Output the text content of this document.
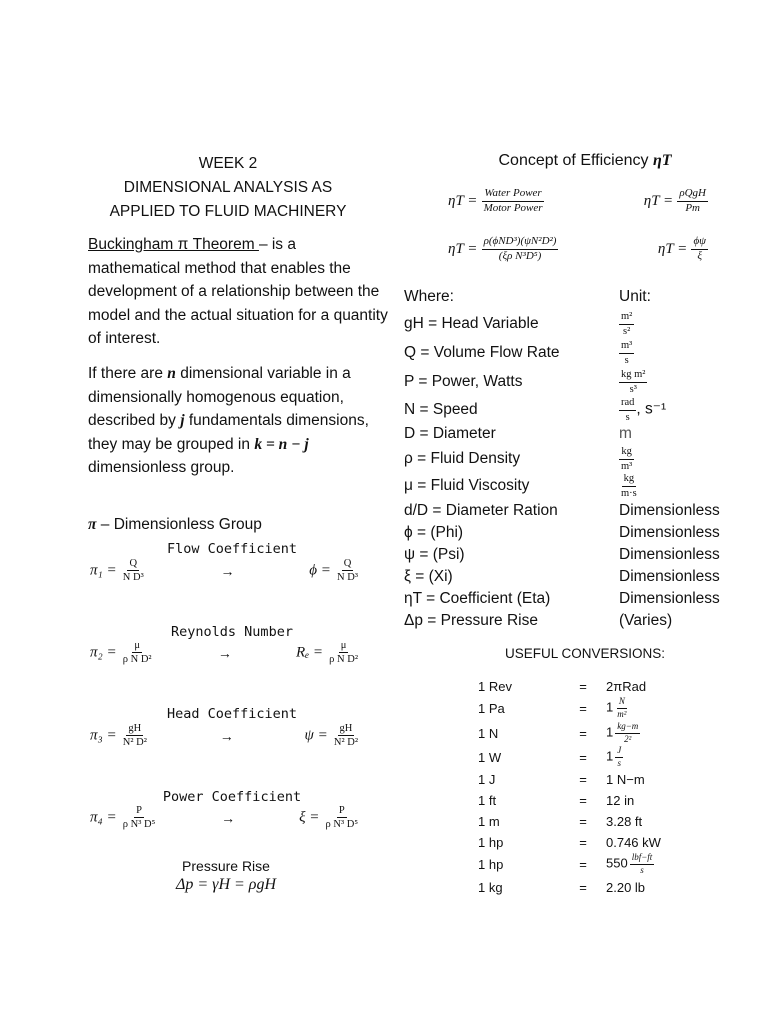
WEEK 2
DIMENSIONAL ANALYSIS AS
APPLIED TO FLUID MACHINERY
Buckingham π Theorem – is a mathematical method that enables the development of a relationship between the model and the actual situation for a quantity of interest.
If there are n dimensional variable in a dimensionally homogenous equation, described by j fundamentals dimensions, they may be grouped in k = n − j dimensionless group.
π – Dimensionless Group
Flow Coefficient
$\pi_1 = \frac{Q}{\text{N D³}}$	→	$\phi = \frac{Q}{\text{N D³}}$
Reynolds Number
$\pi_2 = \frac{\mu}{\text{ρ N D²}}$	→	$R_e = \frac{\mu}{\text{ρ N D²}}$
Head Coefficient
$\pi_3 = \frac{gH}{\text{N² D²}}$	→	$\psi = \frac{gH}{\text{N² D²}}$
Power Coefficient
$\pi_4 = \frac{P}{\text{ρ N³ D⁵}}$	→	$\xi = \frac{P}{\text{ρ N³ D⁵}}$
Pressure Rise
Δp = γH = ρgH
Concept of Efficiency ηT
$\eta T = \frac{\text{Water Power}}{\text{Motor Power}}$	$\eta T = \frac{\text{ρQgH}}{Pm}$
$\eta T = \frac{\text{ρ(ϕND³)(ψN²D²)}}{\text{(ξρ N³D⁵)}}$	$\eta T = \frac{\phi\psi}{\xi}$
Where:	Unit:
gH = Head Variable	$\frac{\text{m²}}{\text{s²}}$
Q = Volume Flow Rate	$\frac{\text{m³}}{s}$
P = Power, Watts	$\frac{\text{kg m²}}{\text{s³}}$
N = Speed	$\frac{\text{rad}}{s}$ , s⁻¹
D = Diameter	m
ρ = Fluid Density	$\frac{kg}{\text{m³}}$
μ = Fluid Viscosity	$\frac{kg}{m\cdot s}$
d/D = Diameter Ration	Dimensionless
ϕ = (Phi)	Dimensionless
ψ = (Psi)	Dimensionless
ξ = (Xi)	Dimensionless
ηT = Coefficient (Eta)	Dimensionless
Δp = Pressure Rise	(Varies)
USEFUL CONVERSIONS:
1 Rev	=	2πRad
1 Pa	=	$1 \frac{N}{\text{m²}}$
1 N	=	$1 \frac{kg-m}{\text{2²}}$
1 W	=	$1 \frac{J}{s}$
1 J	=	1 N−m
1 ft	=	12 in
1 m	=	3.28 ft
1 hp	=	0.746 kW
1 hp	=	$550 \frac{\text{lbf−ft}}{s}$
1 kg	=	2.20 lb
